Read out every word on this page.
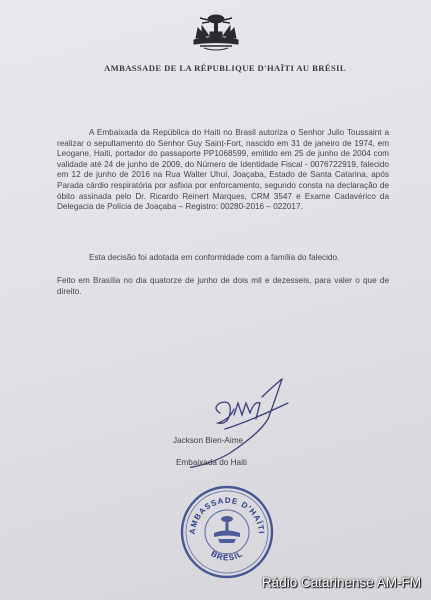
AMBASSADE DE LA RÉPUBLIQUE D'HAÏTI AU BRÉSIL

A Embaixada da República do Haiti no Brasil autoriza o Senhor Julio Toussaint a realizar o sepultamento do Senhor Guy Saint-Fort, nascido em 31 de janeiro de 1974, em Leogane, Haiti, portador do passaporte PP1068599, emitido em 25 de junho de 2004 com validade até 24 de junho de 2009, do Número de Identidade Fiscal - 0076722919, falecido em 12 de junho de 2016 na Rua Walter Uhuí, Joaçaba, Estado de Santa Catarina, após Parada cárdio respiratória por asfixia por enforcamento, segundo consta na declaração de óbito assinada pelo Dr. Ricardo Reinert Marques, CRM 3547 e Exame Cadavérico da Delegacia de Polícia de Joaçaba – Registro: 00280-2016 – 022017.

Esta decisão foi adotada em conformidade com a família do falecido.

Feito em Brasília no dia quatorze de junho de dois mil e dezesseis, para valer o que de direito.

Jackson Bien-Aime
Embaixada do Haiti
AMBASSADE D'HAÏTI
BRÉSIL
Rádio Catarinense AM-FM
